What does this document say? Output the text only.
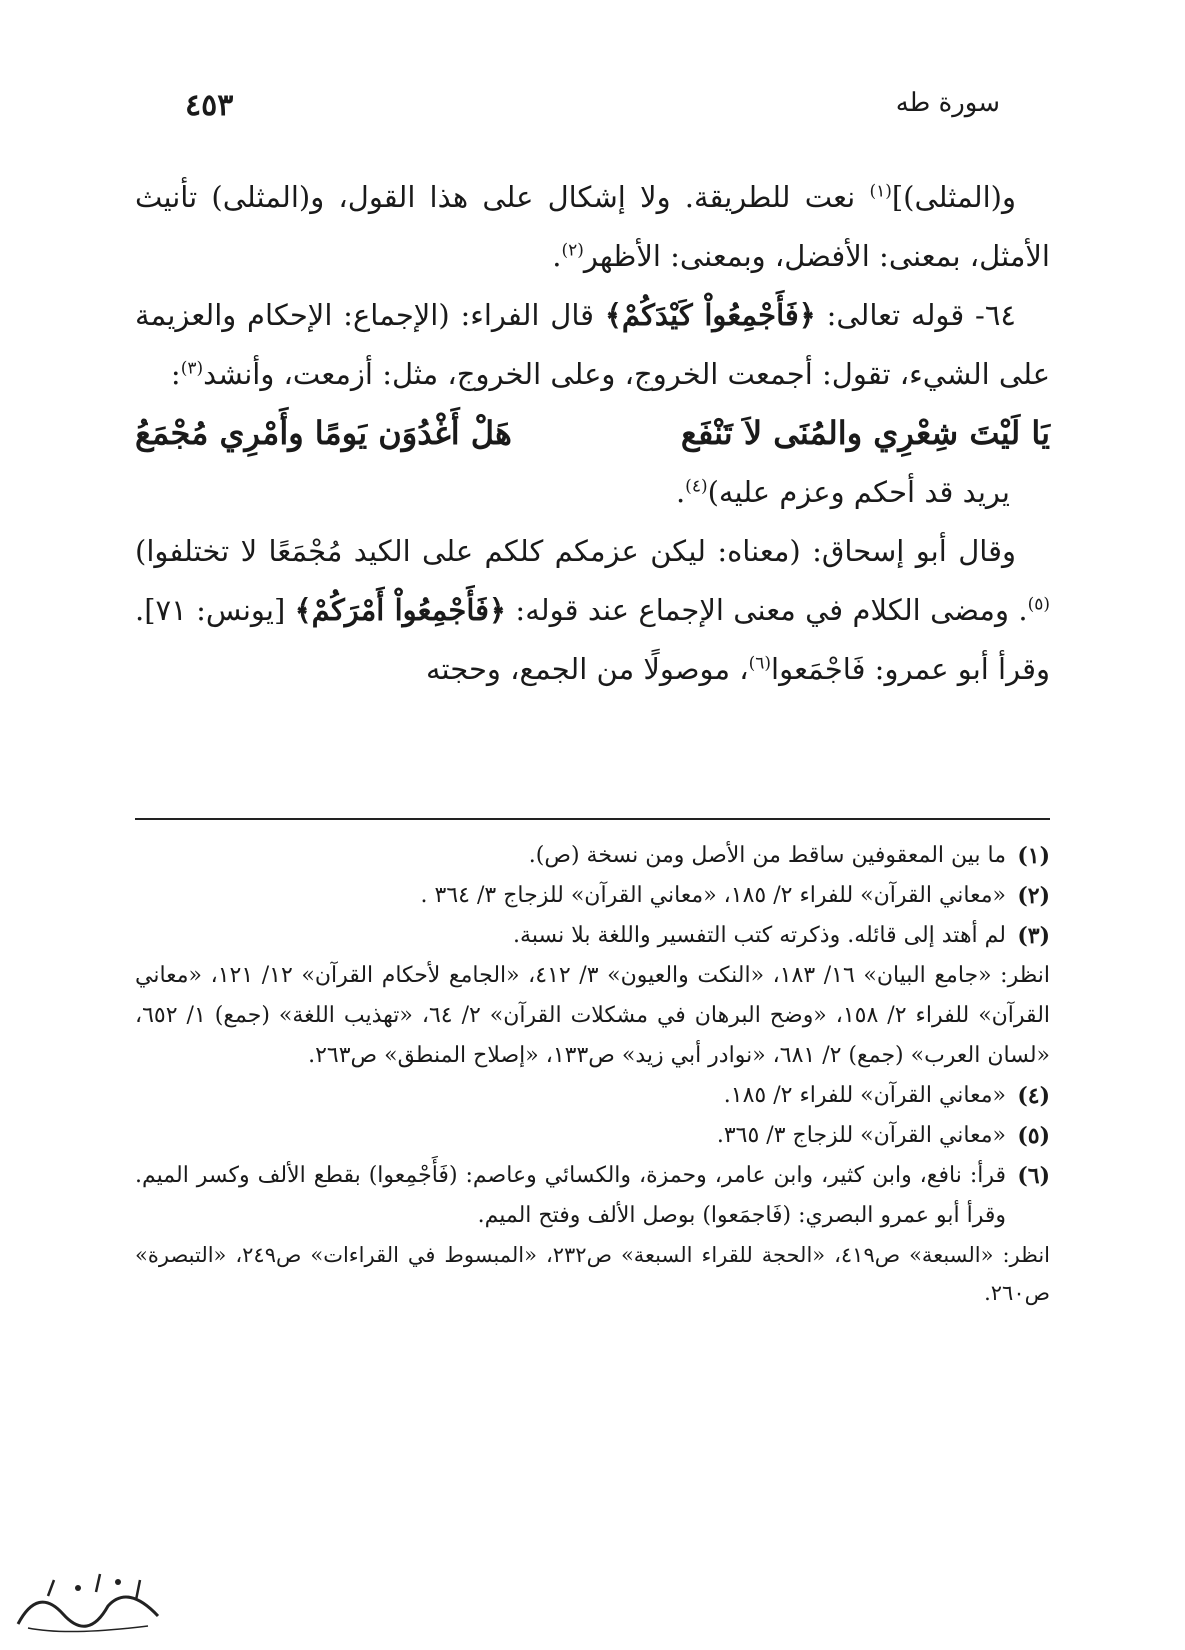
سورة طه
٤٥٣

و(المثلى)]$^{(١)}$ نعت للطريقة. ولا إشكال على هذا القول، و(المثلى) تأنيث الأمثل، بمعنى: الأفضل، وبمعنى: الأظهر$^{(٢)}$.

٦٤- قوله تعالى: ﴿فَأَجْمِعُواْ كَيْدَكُمْ﴾ قال الفراء: (الإجماع: الإحكام والعزيمة على الشيء، تقول: أجمعت الخروج، وعلى الخروج، مثل: أزمعت، وأنشد$^{(٣)}$:

يَا لَيْتَ شِعْرِي والمُنَى لاَ تَنْفَع
هَلْ أَغْدُوَن يَومًا وأَمْرِي مُجْمَعُ

يريد قد أحكم وعزم عليه)$^{(٤)}$.

وقال أبو إسحاق: (معناه: ليكن عزمكم كلكم على الكيد مُجْمَعًا لا تختلفوا)$^{(٥)}$. ومضى الكلام في معنى الإجماع عند قوله: ﴿فَأَجْمِعُواْ أَمْرَكُمْ﴾ [يونس: ٧١]. وقرأ أبو عمرو: فَاجْمَعوا$^{(٦)}$، موصولًا من الجمع، وحجته

(١)
ما بين المعقوفين ساقط من الأصل ومن نسخة (ص).
(٢)
«معاني القرآن» للفراء ٢/ ١٨٥، «معاني القرآن» للزجاج ٣/ ٣٦٤ .
(٣)
لم أهتد إلى قائله. وذكرته كتب التفسير واللغة بلا نسبة.
انظر: «جامع البيان» ١٦/ ١٨٣، «النكت والعيون» ٣/ ٤١٢، «الجامع لأحكام القرآن» ١٢/ ١٢١، «معاني القرآن» للفراء ٢/ ١٥٨، «وضح البرهان في مشكلات القرآن» ٢/ ٦٤، «تهذيب اللغة» (جمع) ١/ ٦٥٢، «لسان العرب» (جمع) ٢/ ٦٨١، «نوادر أبي زيد» ص١٣٣، «إصلاح المنطق» ص٢٦٣.
(٤)
«معاني القرآن» للفراء ٢/ ١٨٥.
(٥)
«معاني القرآن» للزجاج ٣/ ٣٦٥.
(٦)
قرأ: نافع، وابن كثير، وابن عامر، وحمزة، والكسائي وعاصم: (فَأَجْمِعوا) بقطع الألف وكسر الميم. وقرأ أبو عمرو البصري: (فَاجمَعوا) بوصل الألف وفتح الميم.
انظر: «السبعة» ص٤١٩، «الحجة للقراء السبعة» ص٢٣٢، «المبسوط في القراءات» ص٢٤٩، «التبصرة» ص٢٦٠.
